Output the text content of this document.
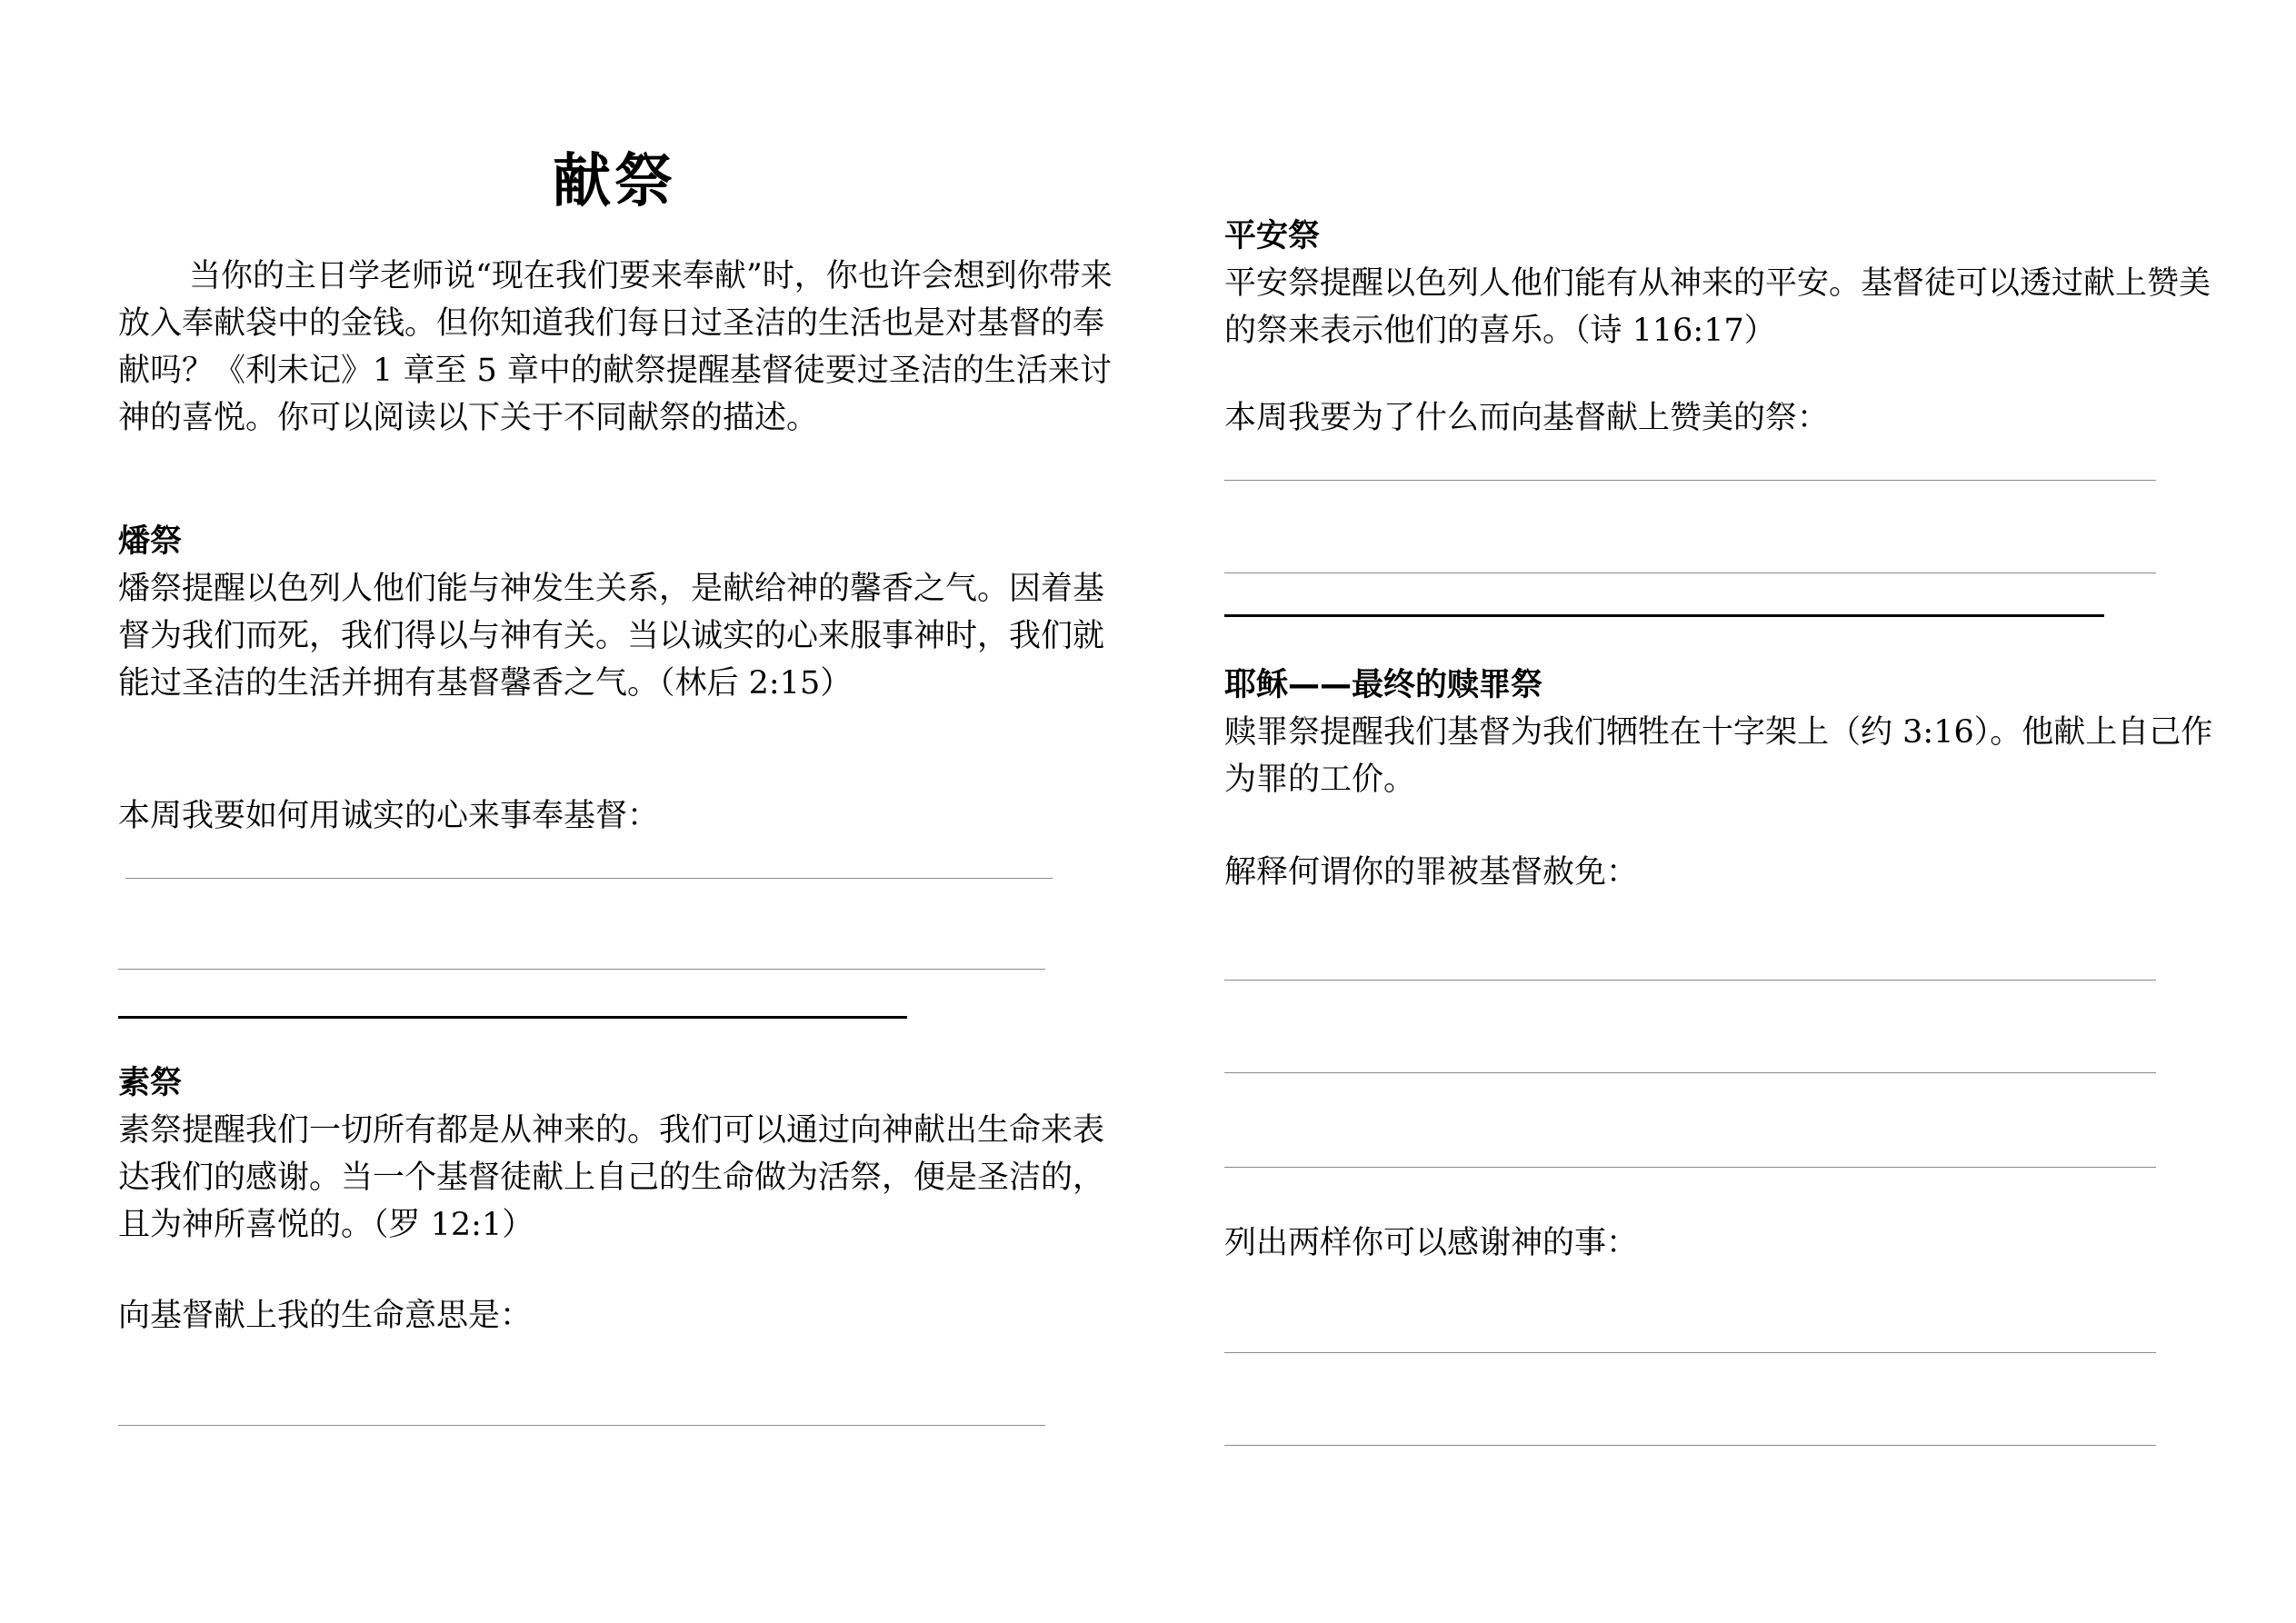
献祭

当你的主日学老师说“现在我们要来奉献”时，你也许会想到你带来放入奉献袋中的金钱。但你知道我们每日过圣洁的生活也是对基督的奉献吗？《利未记》1 章至 5 章中的献祭提醒基督徒要过圣洁的生活来讨神的喜悦。你可以阅读以下关于不同献祭的描述。

燔祭

燔祭提醒以色列人他们能与神发生关系，是献给神的馨香之气。因着基督为我们而死，我们得以与神有关。当以诚实的心来服事神时，我们就能过圣洁的生活并拥有基督馨香之气。（林后 2:15）

本周我要如何用诚实的心来事奉基督：

素祭

素祭提醒我们一切所有都是从神来的。我们可以通过向神献出生命来表达我们的感谢。当一个基督徒献上自己的生命做为活祭，便是圣洁的，且为神所喜悦的。（罗 12:1）

向基督献上我的生命意思是：

平安祭

平安祭提醒以色列人他们能有从神来的平安。基督徒可以透过献上赞美的祭来表示他们的喜乐。（诗 116:17）

本周我要为了什么而向基督献上赞美的祭：

耶稣——最终的赎罪祭

赎罪祭提醒我们基督为我们牺牲在十字架上（约 3:16）。他献上自己作为罪的工价。

解释何谓你的罪被基督赦免：

列出两样你可以感谢神的事：
